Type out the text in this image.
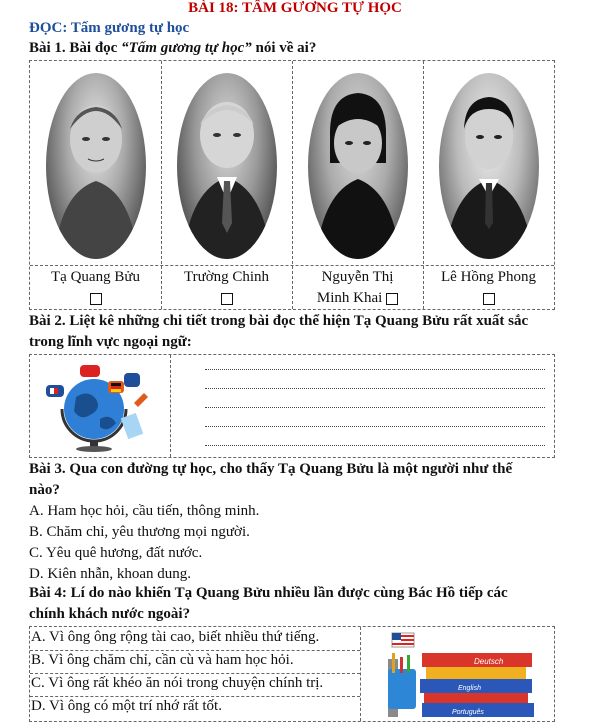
BÀI 18: TẤM GƯƠNG TỰ HỌC
ĐỌC: Tấm gương tự học
Bài 1. Bài đọc “Tấm gương tự học” nói về ai?
Tạ Quang Bửu	Trường Chinh	Nguyễn Thị
Minh Khai
Lê Hồng Phong
Bài 2. Liệt kê những chi tiết trong bài đọc thể hiện Tạ Quang Bửu rất xuất sắc
trong lĩnh vực ngoại ngữ:
Bài 3. Qua con đường tự học, cho thấy Tạ Quang Bửu là một người như thế
nào?
A. Ham học hỏi, cầu tiến, thông minh.
B. Chăm chỉ, yêu thương mọi người.
C. Yêu quê hương, đất nước.
D. Kiên nhẫn, khoan dung.
Bài 4: Lí do nào khiến Tạ Quang Bửu nhiều lần được cùng Bác Hồ tiếp các
chính khách nước ngoài?
A. Vì ông ông rộng tài cao, biết nhiều thứ tiếng.
B. Vì ông chăm chỉ, cần cù và ham học hỏi.
C. Vì ông rất khéo ăn nói trong chuyện chính trị.
D. Vì ông có một trí nhớ rất tốt.
Deutsch
English
Português
